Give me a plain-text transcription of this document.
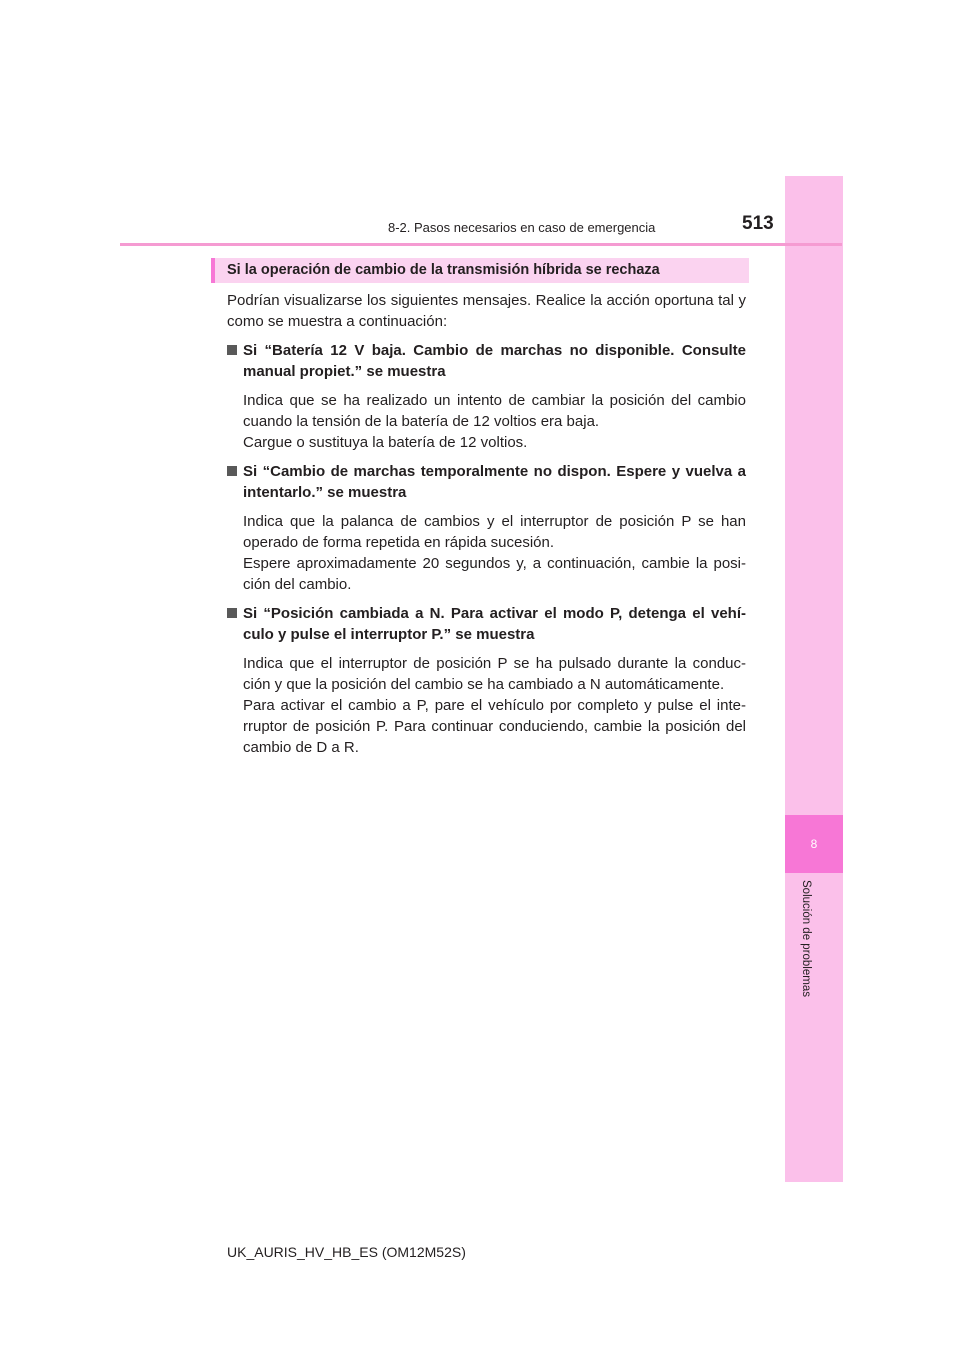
8
Solución de problemas
8-2. Pasos necesarios en caso de emergencia	513
Si la operación de cambio de la transmisión híbrida se rechaza

Podrían visualizarse los siguientes mensajes. Realice la acción oportuna tal y como se muestra a continuación:

Si “Batería 12 V baja. Cambio de marchas no disponible. Consulte manual propiet.” se muestra
Indica que se ha realizado un intento de cambiar la posición del cambio cuando la tensión de la batería de 12 voltios era baja.
Cargue o sustituya la batería de 12 voltios.
Si “Cambio de marchas temporalmente no dispon. Espere y vuelva a intentarlo.” se muestra
Indica que la palanca de cambios y el interruptor de posición P se han operado de forma repetida en rápida sucesión.
Espere aproximadamente 20 segundos y, a continuación, cambie la posi-ción del cambio.
Si “Posición cambiada a N. Para activar el modo P, detenga el vehí-culo y pulse el interruptor P.” se muestra
Indica que el interruptor de posición P se ha pulsado durante la conduc-ción y que la posición del cambio se ha cambiado a N automáticamente.
Para activar el cambio a P, pare el vehículo por completo y pulse el inte-rruptor de posición P. Para continuar conduciendo, cambie la posición del cambio de D a R.
UK_AURIS_HV_HB_ES (OM12M52S)
